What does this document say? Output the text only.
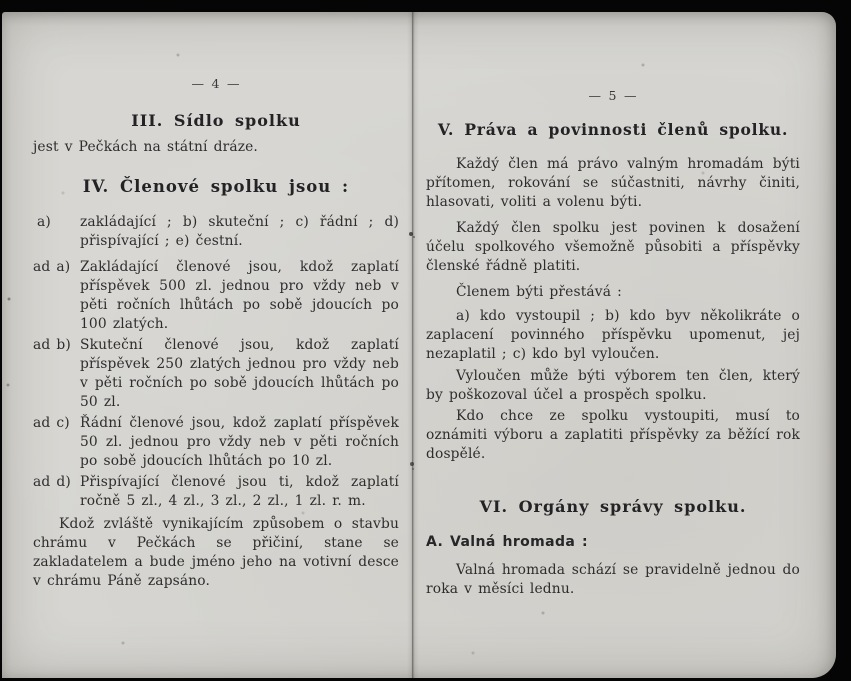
— 4 —
III. Sídlo spolku
jest v Pečkách na státní dráze.
IV. Členové spolku jsou :
a) zakládající ; b) skuteční ; c) řádní ; d) přispívající ; e) čestní.
ad a) Zakládající členové jsou, kdož zaplatí příspěvek 500 zl. jednou pro vždy neb v pěti ročních lhůtách po sobě jdoucích po 100 zlatých.
ad b) Skuteční členové jsou, kdož zaplatí příspěvek 250 zlatých jednou pro vždy neb v pěti ročních po sobě jdoucích lhůtách po 50 zl.
ad c) Řádní členové jsou, kdož zaplatí příspěvek 50 zl. jednou pro vždy neb v pěti ročních po sobě jdoucích lhůtách po 10 zl.
ad d) Přispívající členové jsou ti, kdož zaplatí ročně 5 zl., 4 zl., 3 zl., 2 zl., 1 zl. r. m.
Kdož zvláště vynikajícím způsobem o stavbu chrámu v Pečkách se přičiní, stane se zakladatelem a bude jméno jeho na votivní desce v chrámu Páně zapsáno.
— 5 —
V. Práva a povinnosti členů spolku.
Každý člen má právo valným hromadám býti přítomen, rokování se súčastniti, návrhy činiti, hlasovati, voliti a volenu býti.
Každý člen spolku jest povinen k dosažení účelu spolkového všemožně působiti a příspěvky členské řádně platiti.
Členem býti přestává :
a) kdo vystoupil ; b) kdo byv několikráte o zaplacení povinného příspěvku upomenut, jej nezaplatil ; c) kdo byl vyloučen.
Vyloučen může býti výborem ten člen, který by poškozoval účel a prospěch spolku.
Kdo chce ze spolku vystoupiti, musí to oznámiti výboru a zaplatiti příspěvky za běžící rok dospělé.
VI. Orgány správy spolku.
A. Valná hromada :
Valná hromada schází se pravidelně jednou do roka v měsíci lednu.
